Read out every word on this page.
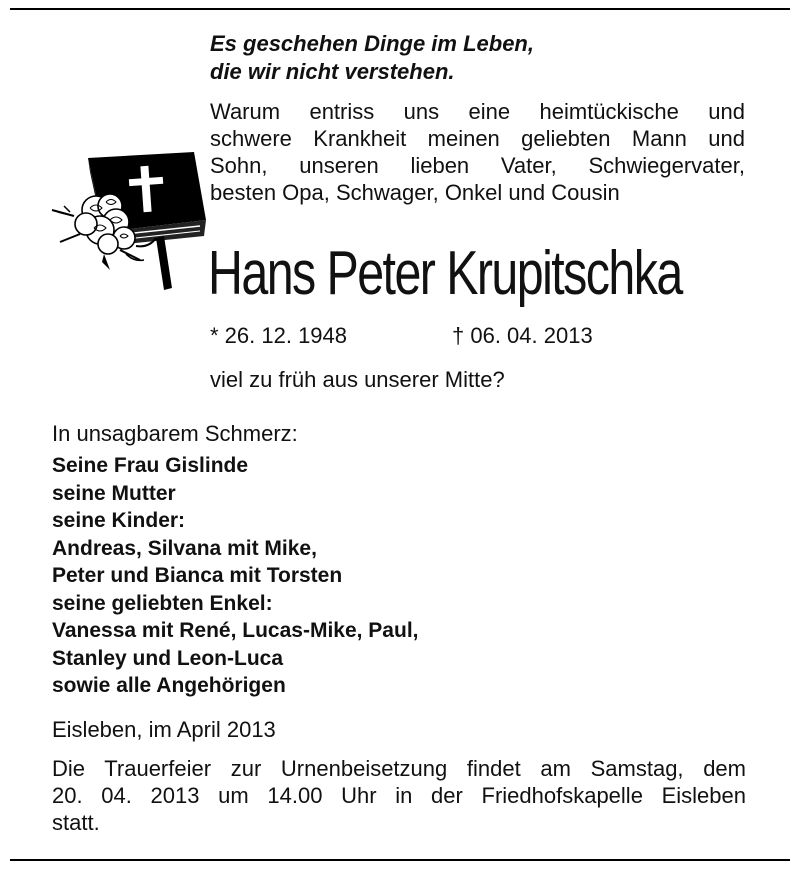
Es geschehen Dinge im Leben,
die wir nicht verstehen.
Warum entriss uns eine heimtückische und
schwere Krankheit meinen geliebten Mann und
Sohn, unseren lieben Vater, Schwiegervater,
besten Opa, Schwager, Onkel und Cousin
Hans Peter Krupitschka
* 26. 12. 1948	† 06. 04. 2013
viel zu früh aus unserer Mitte?
In unsagbarem Schmerz:
Seine Frau Gislinde
seine Mutter
seine Kinder:
Andreas, Silvana mit Mike,
Peter und Bianca mit Torsten
seine geliebten Enkel:
Vanessa mit René, Lucas-Mike, Paul,
Stanley und Leon-Luca
sowie alle Angehörigen
Eisleben, im April 2013
Die Trauerfeier zur Urnenbeisetzung findet am Samstag, dem
20. 04. 2013 um 14.00 Uhr in der Friedhofskapelle Eisleben
statt.
